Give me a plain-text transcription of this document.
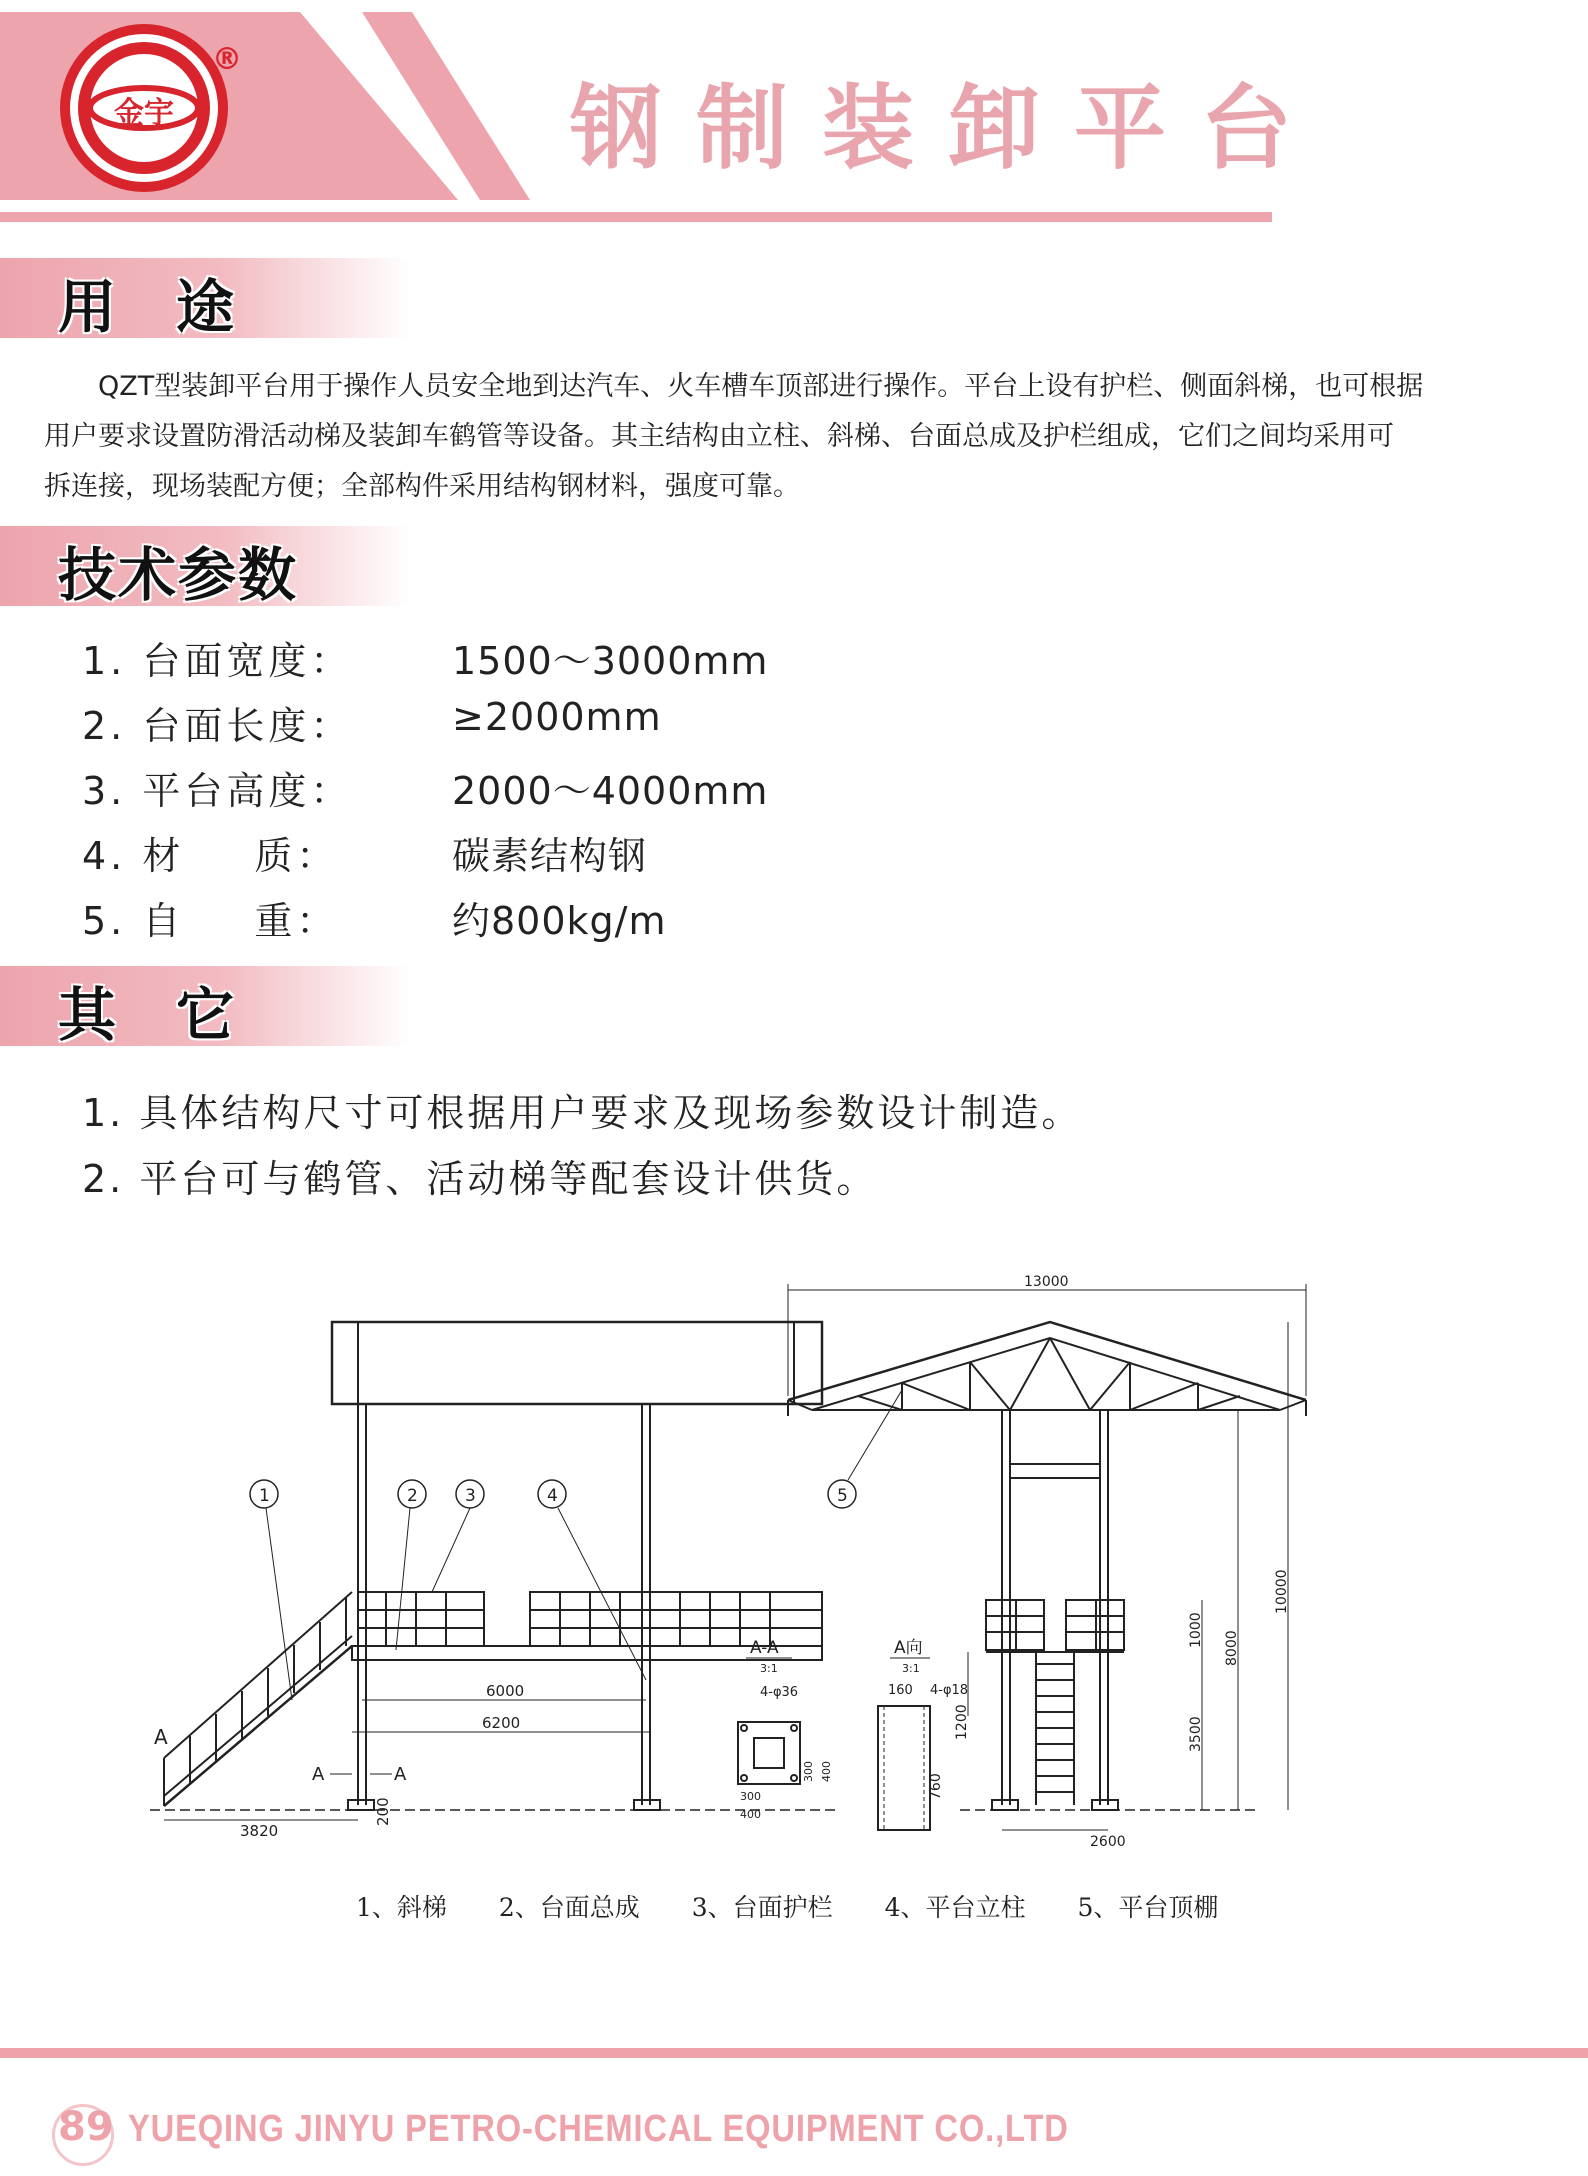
金宇
®
钢制装卸平台
用途
QZT型装卸平台用于操作人员安全地到达汽车、火车槽车顶部进行操作。平台上设有护栏、侧面斜梯，也可根据
用户要求设置防滑活动梯及装卸车鹤管等设备。其主结构由立柱、斜梯、台面总成及护栏组成，它们之间均采用可
拆连接，现场装配方便；全部构件采用结构钢材料，强度可靠。
技术参数
1. 台面宽度：	1500～3000mm
2. 台面长度：	≥2000mm
3. 平台高度：	2000～4000mm
4. 材 质：	碳素结构钢
5. 自 重：	约800kg/m
其它
1. 具体结构尺寸可根据用户要求及现场参数设计制造。
2. 平台可与鹤管、活动梯等配套设计供货。
6000
6200
3820
200
A
A	A
1	2	3	4
A-A
3:1
4-φ36
300
400
300 400
A向
3:1
160 4-φ18
760
13000
10000
8000
3500
1000
1200
2600
5
1、斜梯 2、台面总成 3、台面护栏 4、平台立柱 5、平台顶棚
89 YUEQING JINYU PETRO-CHEMICAL EQUIPMENT CO.,LTD
